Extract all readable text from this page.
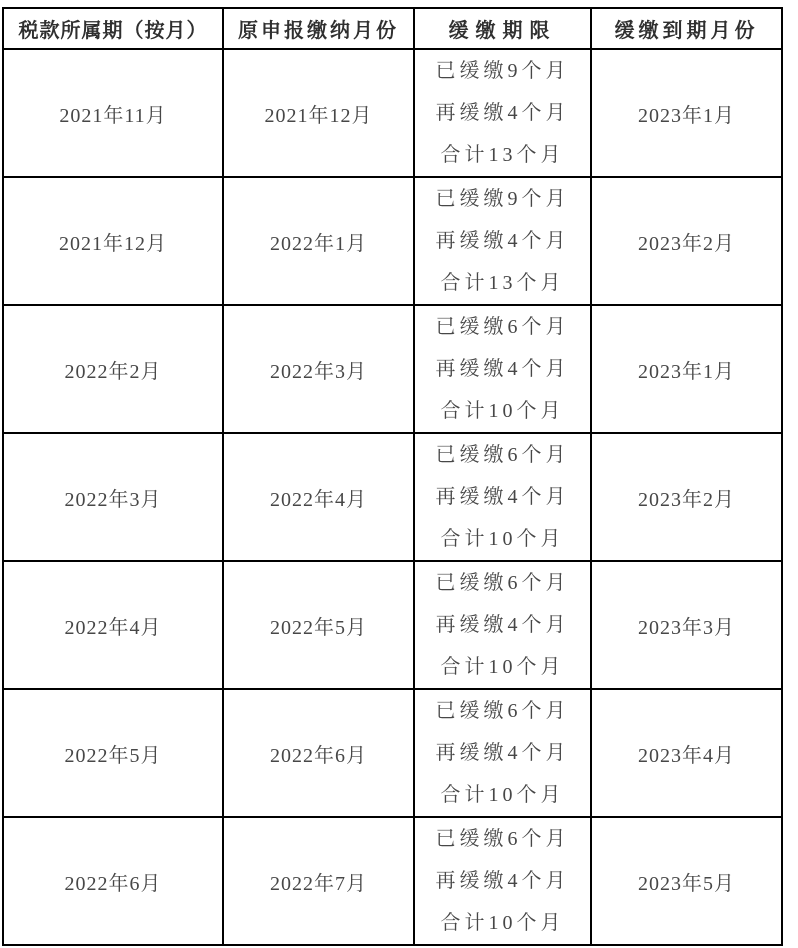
税款所属期（按月）	原申报缴纳月份	缓缴期限	缓缴到期月份
2021年11月	2021年12月	已缓缴9个月
再缓缴4个月
合计13个月	2023年1月
2021年12月	2022年1月	已缓缴9个月
再缓缴4个月
合计13个月	2023年2月
2022年2月	2022年3月	已缓缴6个月
再缓缴4个月
合计10个月	2023年1月
2022年3月	2022年4月	已缓缴6个月
再缓缴4个月
合计10个月	2023年2月
2022年4月	2022年5月	已缓缴6个月
再缓缴4个月
合计10个月	2023年3月
2022年5月	2022年6月	已缓缴6个月
再缓缴4个月
合计10个月	2023年4月
2022年6月	2022年7月	已缓缴6个月
再缓缴4个月
合计10个月	2023年5月
